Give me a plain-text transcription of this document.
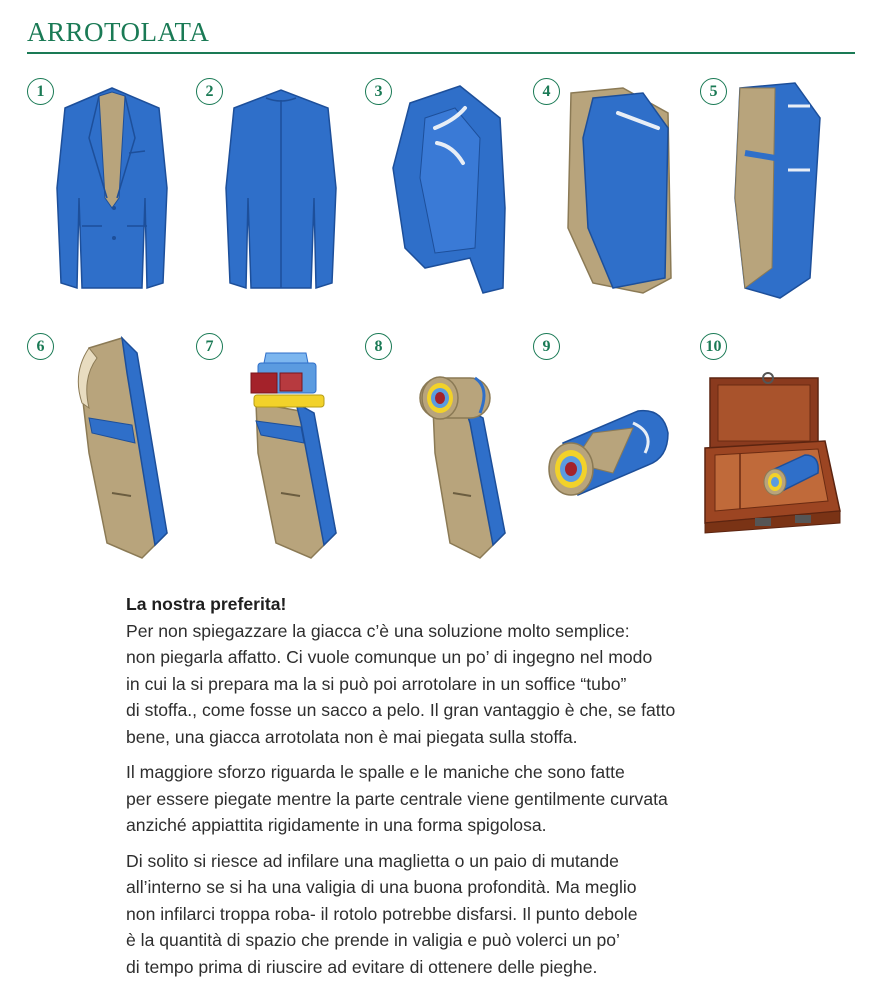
ARROTOLATA
1	2	3	4	5
6	7	8	9	10
La nostra preferita!

Per non spiegazzare la giacca c’è una soluzione molto semplice:
non piegarla affatto. Ci vuole comunque un po’ di ingegno nel modo
in cui la si prepara ma la si può poi arrotolare in un soffice “tubo”
di stoffa., come fosse un sacco a pelo. Il gran vantaggio è che, se fatto
bene, una giacca arrotolata non è mai piegata sulla stoffa.

Il maggiore sforzo riguarda le spalle e le maniche che sono fatte
per essere piegate mentre la parte centrale viene gentilmente curvata
anziché appiattita rigidamente in una forma spigolosa.

Di solito si riesce ad infilare una maglietta o un paio di mutande
all’interno se si ha una valigia di una buona profondità. Ma meglio
non infilarci troppa roba- il rotolo potrebbe disfarsi. Il punto debole
è la quantità di spazio che prende in valigia e può volerci un po’
di tempo prima di riuscire ad evitare di ottenere delle pieghe.
